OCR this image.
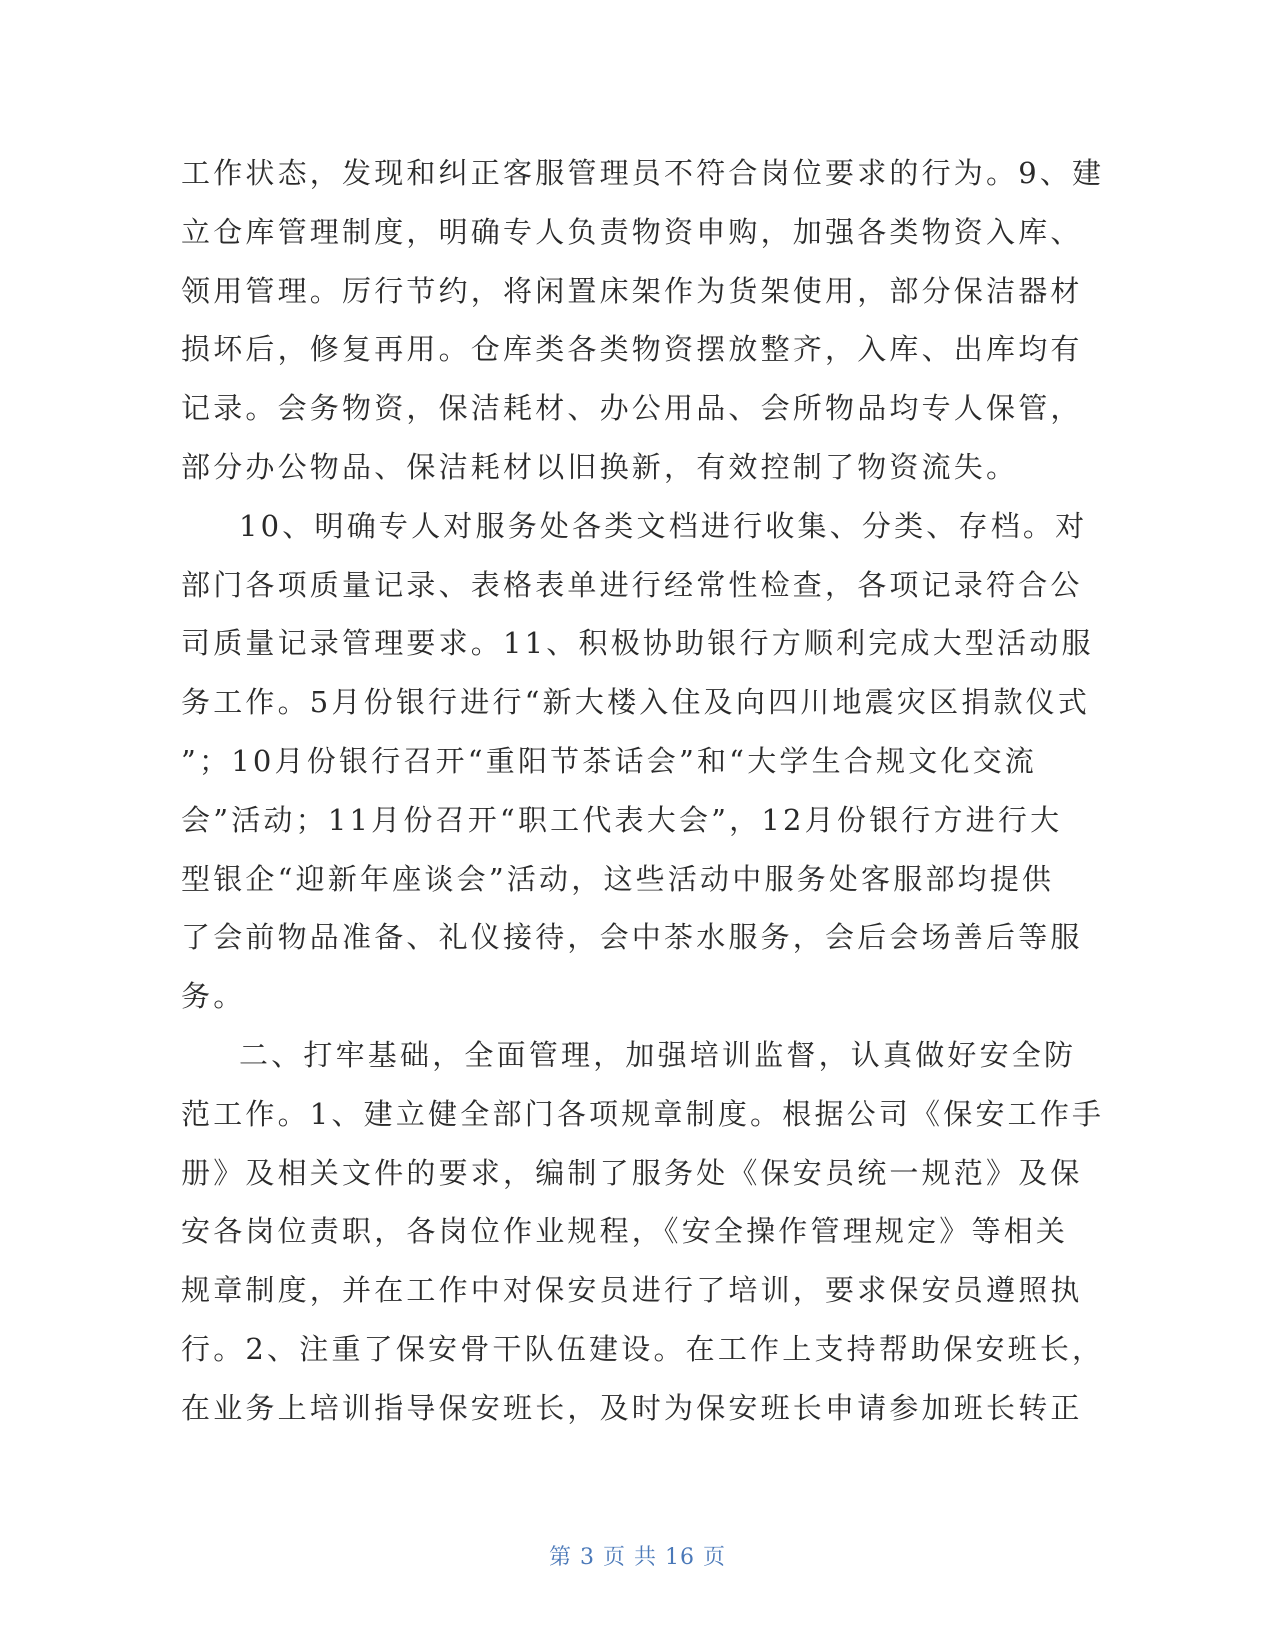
工作状态，发现和纠正客服管理员不符合岗位要求的行为。9、建
立仓库管理制度，明确专人负责物资申购，加强各类物资入库、
领用管理。厉行节约，将闲置床架作为货架使用，部分保洁器材
损坏后，修复再用。仓库类各类物资摆放整齐，入库、出库均有
记录。会务物资，保洁耗材、办公用品、会所物品均专人保管，
部分办公物品、保洁耗材以旧换新，有效控制了物资流失。
10、明确专人对服务处各类文档进行收集、分类、存档。对
部门各项质量记录、表格表单进行经常性检查，各项记录符合公
司质量记录管理要求。11、积极协助银行方顺利完成大型活动服
务工作。5月份银行进行“新大楼入住及向四川地震灾区捐款仪式
”；10月份银行召开“重阳节茶话会”和“大学生合规文化交流
会”活动；11月份召开“职工代表大会”，12月份银行方进行大
型银企“迎新年座谈会”活动，这些活动中服务处客服部均提供
了会前物品准备、礼仪接待，会中茶水服务，会后会场善后等服
务。
二、打牢基础，全面管理，加强培训监督，认真做好安全防
范工作。1、建立健全部门各项规章制度。根据公司《保安工作手
册》及相关文件的要求，编制了服务处《保安员统一规范》及保
安各岗位责职，各岗位作业规程，《安全操作管理规定》等相关
规章制度，并在工作中对保安员进行了培训，要求保安员遵照执
行。2、注重了保安骨干队伍建设。在工作上支持帮助保安班长，
在业务上培训指导保安班长，及时为保安班长申请参加班长转正
第 3 页 共 16 页
